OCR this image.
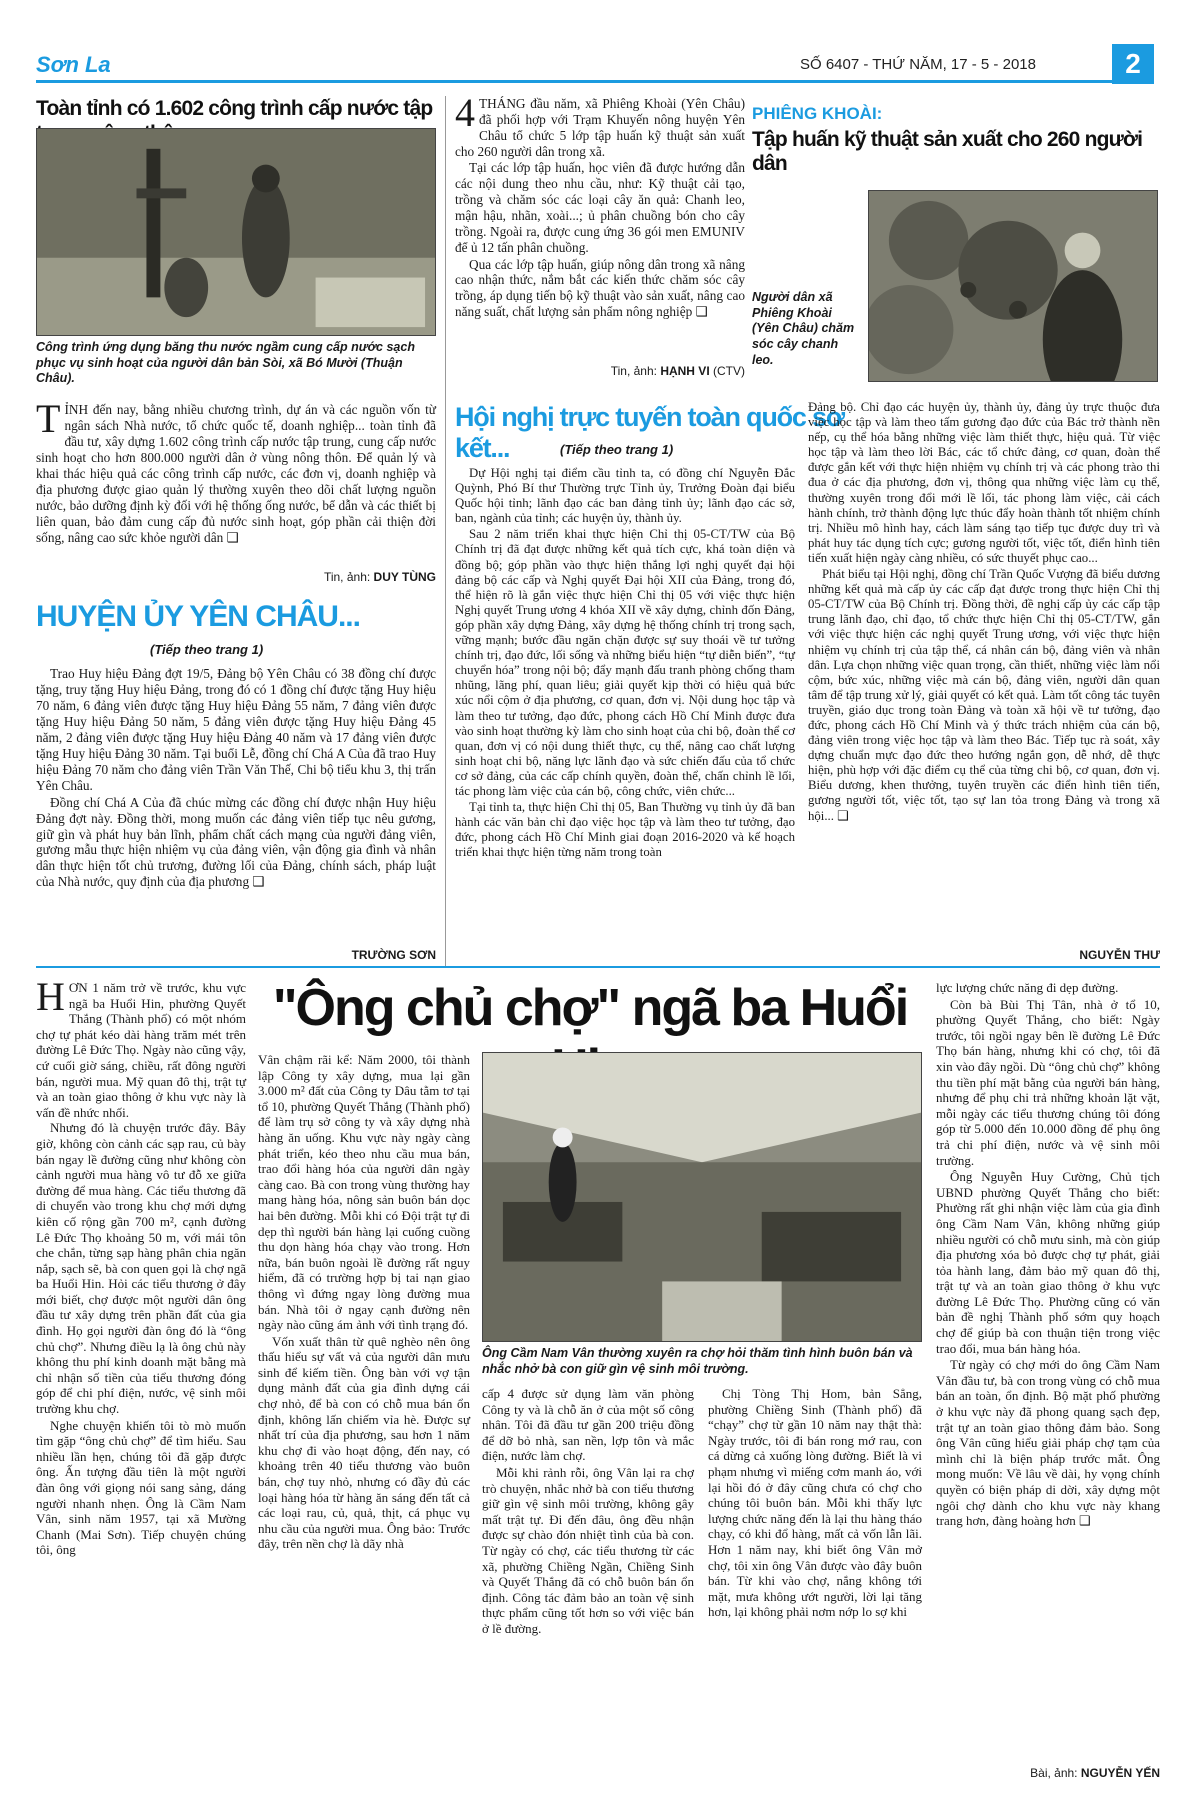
Sơn La	SỐ 6407 - THỨ NĂM, 17 - 5 - 2018	2
Toàn tỉnh có 1.602 công trình cấp nước tập
Công trình ứng dụng băng thu nước ngầm cung cấp nước sạch phục vụ sinh hoạt của người dân bản Sòi, xã Bó Mười (Thuận Châu).
TỈNH đến nay, bằng nhiều chương trình, dự án và các nguồn vốn từ ngân sách Nhà nước, tổ chức quốc tế, doanh nghiệp... toàn tỉnh đã đầu tư, xây dựng 1.602 công trình cấp nước tập trung, cung cấp nước sinh hoạt cho hơn 800.000 người dân ở vùng nông thôn. Để quản lý và khai thác hiệu quả các công trình cấp nước, các đơn vị, doanh nghiệp và địa phương được giao quản lý thường xuyên theo dõi chất lượng nguồn nước, bảo dưỡng định kỳ đối với hệ thống ống nước, bể dẫn và các thiết bị liên quan, bảo đảm cung cấp đủ nước sinh hoạt, góp phần cải thiện đời sống, nâng cao sức khỏe người dân ❑
Tin, ảnh: DUY TÙNG
HUYỆN ỦY YÊN CHÂU...
(Tiếp theo trang 1)

Trao Huy hiệu Đảng đợt 19/5, Đảng bộ Yên Châu có 38 đồng chí được tặng, truy tặng Huy hiệu Đảng, trong đó có 1 đồng chí được tặng Huy hiệu 70 năm, 6 đảng viên được tặng Huy hiệu Đảng 55 năm, 7 đảng viên được tặng Huy hiệu Đảng 50 năm, 5 đảng viên được tặng Huy hiệu Đảng 45 năm, 2 đảng viên được tặng Huy hiệu Đảng 40 năm và 17 đảng viên được tặng Huy hiệu Đảng 30 năm. Tại buổi Lễ, đồng chí Chá A Của đã trao Huy hiệu Đảng 70 năm cho đảng viên Trần Văn Thế, Chi bộ tiểu khu 3, thị trấn Yên Châu.

Đồng chí Chá A Của đã chúc mừng các đồng chí được nhận Huy hiệu Đảng đợt này. Đồng thời, mong muốn các đảng viên tiếp tục nêu gương, giữ gìn và phát huy bản lĩnh, phẩm chất cách mạng của người đảng viên, gương mẫu thực hiện nhiệm vụ của đảng viên, vận động gia đình và nhân dân thực hiện tốt chủ trương, đường lối của Đảng, chính sách, pháp luật của Nhà nước, quy định của địa phương ❑

TRƯỜNG SƠN
4 THÁNG đầu năm, xã Phiêng Khoài (Yên Châu) đã phối hợp với Trạm Khuyến nông huyện Yên Châu tổ chức 5 lớp tập huấn kỹ thuật sản xuất cho 260 người dân trong xã.

Tại các lớp tập huấn, học viên đã được hướng dẫn các nội dung theo nhu cầu, như: Kỹ thuật cải tạo, trồng và chăm sóc các loại cây ăn quả: Chanh leo, mận hậu, nhãn, xoài...; ủ phân chuồng bón cho cây trồng. Ngoài ra, được cung ứng 36 gói men EMUNIV để ủ 12 tấn phân chuồng.

Qua các lớp tập huấn, giúp nông dân trong xã nâng cao nhận thức, nắm bắt các kiến thức chăm sóc cây trồng, áp dụng tiến bộ kỹ thuật vào sản xuất, nâng cao năng suất, chất lượng sản phẩm nông nghiệp ❑

Tin, ảnh: HẠNH VI (CTV)
PHIÊNG KHOÀI:
Tập huấn kỹ thuật sản xuất cho 260 người dân
Người dân xã Phiêng Khoài (Yên Châu) chăm sóc cây chanh leo.
Hội nghị trực tuyến toàn quốc sơ kết...	(Tiếp theo trang 1)

Dự Hội nghị tại điểm cầu tỉnh ta, có đồng chí Nguyễn Đắc Quỳnh, Phó Bí thư Thường trực Tỉnh ủy, Trưởng Đoàn đại biểu Quốc hội tỉnh; lãnh đạo các ban đảng tỉnh ủy; lãnh đạo các sở, ban, ngành của tỉnh; các huyện ủy, thành ủy.

Sau 2 năm triển khai thực hiện Chỉ thị 05-CT/TW của Bộ Chính trị đã đạt được những kết quả tích cực, khá toàn diện và đồng bộ; góp phần vào thực hiện thắng lợi nghị quyết đại hội đảng bộ các cấp và Nghị quyết Đại hội XII của Đảng, trong đó, thể hiện rõ là gắn việc thực hiện Chỉ thị 05 với việc thực hiện Nghị quyết Trung ương 4 khóa XII về xây dựng, chỉnh đốn Đảng, góp phần xây dựng Đảng, xây dựng hệ thống chính trị trong sạch, vững mạnh; bước đầu ngăn chặn được sự suy thoái về tư tưởng chính trị, đạo đức, lối sống và những biểu hiện “tự diễn biến”, “tự chuyển hóa” trong nội bộ; đẩy mạnh đấu tranh phòng chống tham nhũng, lãng phí, quan liêu; giải quyết kịp thời có hiệu quả bức xúc nổi cộm ở địa phương, cơ quan, đơn vị. Nội dung học tập và làm theo tư tưởng, đạo đức, phong cách Hồ Chí Minh được đưa vào sinh hoạt thường kỳ làm cho sinh hoạt của chi bộ, đoàn thể cơ quan, đơn vị có nội dung thiết thực, cụ thể, nâng cao chất lượng sinh hoạt chi bộ, năng lực lãnh đạo và sức chiến đấu của tổ chức cơ sở đảng, của các cấp chính quyền, đoàn thể, chấn chỉnh lề lối, tác phong làm việc của cán bộ, công chức, viên chức...

Tại tỉnh ta, thực hiện Chỉ thị 05, Ban Thường vụ tỉnh ủy đã ban hành các văn bản chỉ đạo việc học tập và làm theo tư tưởng, đạo đức, phong cách Hồ Chí Minh giai đoạn 2016-2020 và kế hoạch triển khai thực hiện từng năm trong toàn

Đảng bộ. Chỉ đạo các huyện ủy, thành ủy, đảng ủy trực thuộc đưa việc học tập và làm theo tấm gương đạo đức của Bác trở thành nền nếp, cụ thể hóa bằng những việc làm thiết thực, hiệu quả. Từ việc học tập và làm theo lời Bác, các tổ chức đảng, cơ quan, đoàn thể được gắn kết với thực hiện nhiệm vụ chính trị và các phong trào thi đua ở các địa phương, đơn vị, thông qua những việc làm cụ thể, thường xuyên trong đổi mới lề lối, tác phong làm việc, cải cách hành chính, trở thành động lực thúc đẩy hoàn thành tốt nhiệm chính trị. Nhiều mô hình hay, cách làm sáng tạo tiếp tục được duy trì và phát huy tác dụng tích cực; gương người tốt, việc tốt, điển hình tiên tiến xuất hiện ngày càng nhiều, có sức thuyết phục cao...

Phát biểu tại Hội nghị, đồng chí Trần Quốc Vượng đã biểu dương những kết quả mà cấp ủy các cấp đạt được trong thực hiện Chỉ thị 05-CT/TW của Bộ Chính trị. Đồng thời, đề nghị cấp ủy các cấp tập trung lãnh đạo, chỉ đạo, tổ chức thực hiện Chỉ thị 05-CT/TW, gắn với việc thực hiện các nghị quyết Trung ương, với việc thực hiện nhiệm vụ chính trị của tập thể, cá nhân cán bộ, đảng viên và nhân dân. Lựa chọn những việc quan trọng, cần thiết, những việc làm nổi cộm, bức xúc, những việc mà cán bộ, đảng viên, người dân quan tâm để tập trung xử lý, giải quyết có kết quả. Làm tốt công tác tuyên truyền, giáo dục trong toàn Đảng và toàn xã hội về tư tưởng, đạo đức, phong cách Hồ Chí Minh và ý thức trách nhiệm của cán bộ, đảng viên trong việc học tập và làm theo Bác. Tiếp tục rà soát, xây dựng chuẩn mực đạo đức theo hướng ngắn gọn, dễ nhớ, dễ thực hiện, phù hợp với đặc điểm cụ thể của từng chi bộ, cơ quan, đơn vị. Biểu dương, khen thưởng, tuyên truyền các điển hình tiên tiến, gương người tốt, việc tốt, tạo sự lan tỏa trong Đảng và trong xã hội... ❑

NGUYỄN THƯ
"Ông chủ chợ" ngã ba Huổi
HƠN 1 năm trở về trước, khu vực ngã ba Huổi Hin, phường Quyết Thắng (Thành phố) có một nhóm chợ tự phát kéo dài hàng trăm mét trên đường Lê Đức Thọ. Ngày nào cũng vậy, cứ cuối giờ sáng, chiều, rất đông người bán, người mua. Mỹ quan đô thị, trật tự và an toàn giao thông ở khu vực này là vấn đề nhức nhối.

Nhưng đó là chuyện trước đây. Bây giờ, không còn cảnh các sạp rau, củ bày bán ngay lề đường cũng như không còn cảnh người mua hàng vô tư đỗ xe giữa đường để mua hàng. Các tiểu thương đã di chuyển vào trong khu chợ mới dựng kiên cố rộng gần 700 m², cạnh đường Lê Đức Thọ khoảng 50 m, với mái tôn che chắn, từng sạp hàng phân chia ngăn nắp, sạch sẽ, bà con quen gọi là chợ ngã ba Huổi Hin. Hỏi các tiểu thương ở đây mới biết, chợ được một người dân ông đầu tư xây dựng trên phần đất của gia đình. Họ gọi người đàn ông đó là “ông chủ chợ”. Nhưng điều lạ là ông chủ này không thu phí kinh doanh mặt bằng mà chỉ nhận số tiền của tiểu thương đóng góp để chi phí điện, nước, vệ sinh môi trường khu chợ.

Nghe chuyện khiến tôi tò mò muốn tìm gặp “ông chủ chợ” để tìm hiểu. Sau nhiều lần hẹn, chúng tôi đã gặp được ông. Ấn tượng đầu tiên là một người đàn ông với giọng nói sang sảng, dáng người nhanh nhẹn. Ông là Cầm Nam Vân, sinh năm 1957, tại xã Mường Chanh (Mai Sơn). Tiếp chuyện chúng tôi, ông

Vân chậm rãi kể: Năm 2000, tôi thành lập Công ty xây dựng, mua lại gần 3.000 m² đất của Công ty Dâu tằm tơ tại tổ 10, phường Quyết Thắng (Thành phố) để làm trụ sở công ty và xây dựng nhà hàng ăn uống. Khu vực này ngày càng phát triển, kéo theo nhu cầu mua bán, trao đổi hàng hóa của người dân ngày càng cao. Bà con trong vùng thường hay mang hàng hóa, nông sản buôn bán dọc hai bên đường. Mỗi khi có Đội trật tự đi dẹp thì người bán hàng lại cuống cuồng thu dọn hàng hóa chạy vào trong. Hơn nữa, bán buôn ngoài lề đường rất nguy hiểm, đã có trường hợp bị tai nạn giao thông vì đứng ngay lòng đường mua bán. Nhà tôi ở ngay cạnh đường nên ngày nào cũng ám ảnh với tình trạng đó.

Vốn xuất thân từ quê nghèo nên ông thấu hiểu sự vất vả của người dân mưu sinh để kiếm tiền. Ông bàn với vợ tận dụng mảnh đất của gia đình dựng cái chợ nhỏ, để bà con có chỗ mua bán ổn định, không lấn chiếm vỉa hè. Được sự nhất trí của địa phương, sau hơn 1 năm khu chợ đi vào hoạt động, đến nay, có khoảng trên 40 tiểu thương vào buôn bán, chợ tuy nhỏ, nhưng có đầy đủ các loại hàng hóa từ hàng ăn sáng đến tất cả các loại rau, củ, quả, thịt, cá phục vụ nhu cầu của người mua. Ông bảo: Trước đây, trên nền chợ là dãy nhà

Ông Cầm Nam Vân thường xuyên ra chợ hỏi thăm tình hình buôn bán và nhắc nhở bà con giữ gìn vệ sinh môi trường.

cấp 4 được sử dụng làm văn phòng Công ty và là chỗ ăn ở của một số công nhân. Tôi đã đầu tư gần 200 triệu đồng để dỡ bỏ nhà, san nền, lợp tôn và mắc điện, nước làm chợ.

Mỗi khi rảnh rỗi, ông Vân lại ra chợ trò chuyện, nhắc nhở bà con tiểu thương giữ gìn vệ sinh môi trường, không gây mất trật tự. Đi đến đâu, ông đều nhận được sự chào đón nhiệt tình của bà con. Từ ngày có chợ, các tiểu thương từ các xã, phường Chiềng Ngần, Chiềng Sinh và Quyết Thắng đã có chỗ buôn bán ổn định. Công tác đảm bảo an toàn vệ sinh thực phẩm cũng tốt hơn so với việc bán ở lề đường.

Chị Tòng Thị Hom, bản Sẳng, phường Chiềng Sinh (Thành phố) đã “chạy” chợ từ gần 10 năm nay thật thà: Ngày trước, tôi đi bán rong mớ rau, con cá dừng cả xuống lòng đường. Biết là vi phạm nhưng vì miếng cơm manh áo, với lại hồi đó ở đây cũng chưa có chợ cho chúng tôi buôn bán. Mỗi khi thấy lực lượng chức năng đến là lại thu hàng tháo chạy, có khi đổ hàng, mất cả vốn lẫn lãi. Hơn 1 năm nay, khi biết ông Vân mở chợ, tôi xin ông Vân được vào đây buôn bán. Từ khi vào chợ, nắng không tới mặt, mưa không ướt người, lời lại tăng hơn, lại không phải nơm nớp lo sợ khi

lực lượng chức năng đi dẹp đường.

Còn bà Bùi Thị Tân, nhà ở tổ 10, phường Quyết Thắng, cho biết: Ngày trước, tôi ngồi ngay bên lề đường Lê Đức Thọ bán hàng, nhưng khi có chợ, tôi đã xin vào đây ngồi. Dù “ông chủ chợ” không thu tiền phí mặt bằng của người bán hàng, nhưng để phụ chi trả những khoản lặt vặt, mỗi ngày các tiểu thương chúng tôi đóng góp từ 5.000 đến 10.000 đồng để phụ ông trả chi phí điện, nước và vệ sinh môi trường.

Ông Nguyễn Huy Cường, Chủ tịch UBND phường Quyết Thắng cho biết: Phường rất ghi nhận việc làm của gia đình ông Cầm Nam Vân, không những giúp nhiều người có chỗ mưu sinh, mà còn giúp địa phương xóa bỏ được chợ tự phát, giải tỏa hành lang, đảm bảo mỹ quan đô thị, trật tự và an toàn giao thông ở khu vực đường Lê Đức Thọ. Phường cũng có văn bản đề nghị Thành phố sớm quy hoạch chợ để giúp bà con thuận tiện trong việc trao đổi, mua bán hàng hóa.

Từ ngày có chợ mới do ông Cầm Nam Vân đầu tư, bà con trong vùng có chỗ mua bán an toàn, ổn định. Bộ mặt phố phường ở khu vực này đã phong quang sạch đẹp, trật tự an toàn giao thông đảm bảo. Song ông Vân cũng hiểu giải pháp chợ tạm của mình chỉ là biện pháp trước mắt. Ông mong muốn: Về lâu về dài, hy vọng chính quyền có biện pháp di dời, xây dựng một ngôi chợ dành cho khu vực này khang trang hơn, đàng hoàng hơn ❑

Bài, ảnh: NGUYỄN YẾN
